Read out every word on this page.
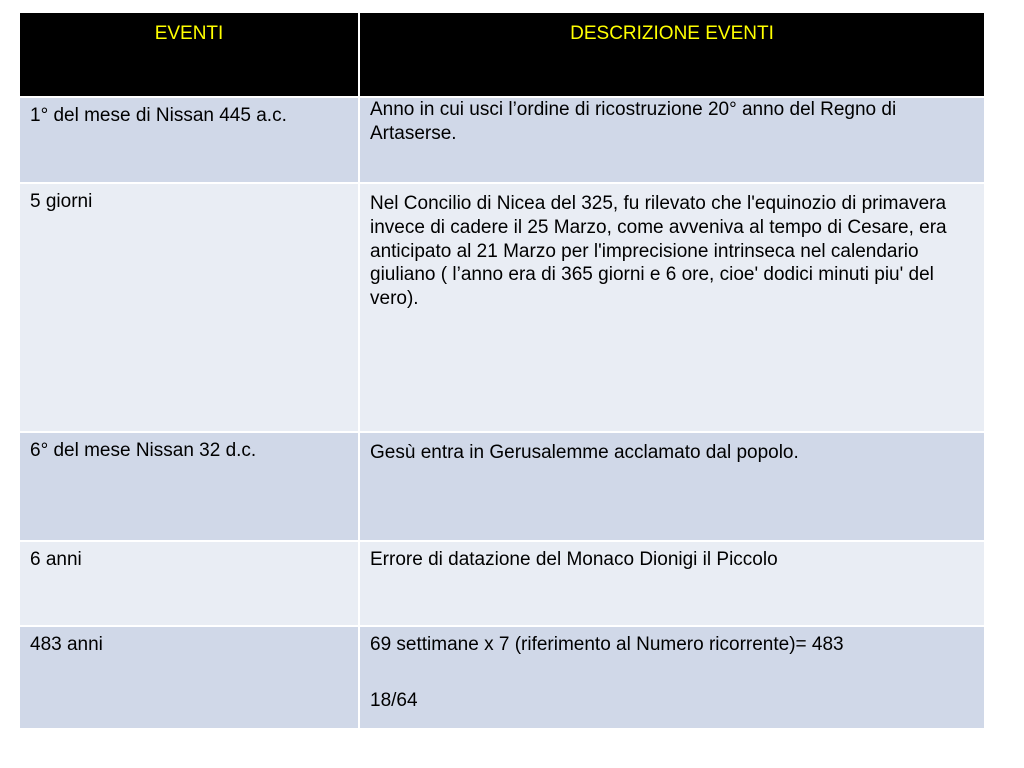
EVENTI	DESCRIZIONE EVENTI
1° del mese di Nissan 445 a.c.	Anno in cui usci l’ordine di ricostruzione 20° anno del Regno di Artaserse.
5 giorni	Nel Concilio di Nicea del 325, fu rilevato che l'equinozio di primavera invece di cadere il 25 Marzo, come avveniva al tempo di Cesare, era anticipato al 21 Marzo per l'imprecisione intrinseca nel calendario giuliano ( l’anno era di 365 giorni e 6 ore, cioe' dodici minuti piu' del vero).
6° del mese Nissan 32 d.c.	Gesù entra in Gerusalemme acclamato dal popolo.
6 anni	Errore di datazione del Monaco Dionigi il Piccolo
483 anni	69 settimane x 7 (riferimento al Numero ricorrente)= 483
18/64
